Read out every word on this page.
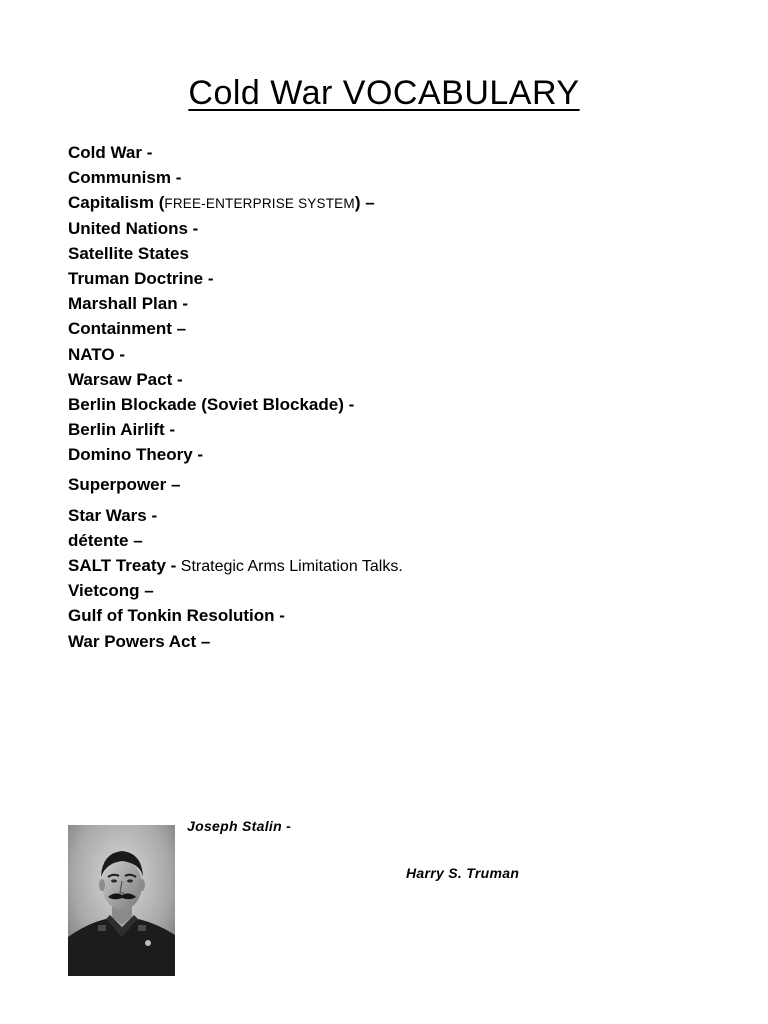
Cold War VOCABULARY
Cold War -
Communism -
Capitalism (FREE-ENTERPRISE SYSTEM) –
United Nations -
Satellite States
Truman Doctrine -
Marshall Plan -
Containment –
NATO -
Warsaw Pact -
Berlin Blockade (Soviet Blockade) -
Berlin Airlift -
Domino Theory -
Superpower –
Star Wars -
détente –
SALT Treaty - Strategic Arms Limitation Talks.
Vietcong –
Gulf of Tonkin Resolution -
War Powers Act –
Joseph Stalin -
Harry S. Truman
